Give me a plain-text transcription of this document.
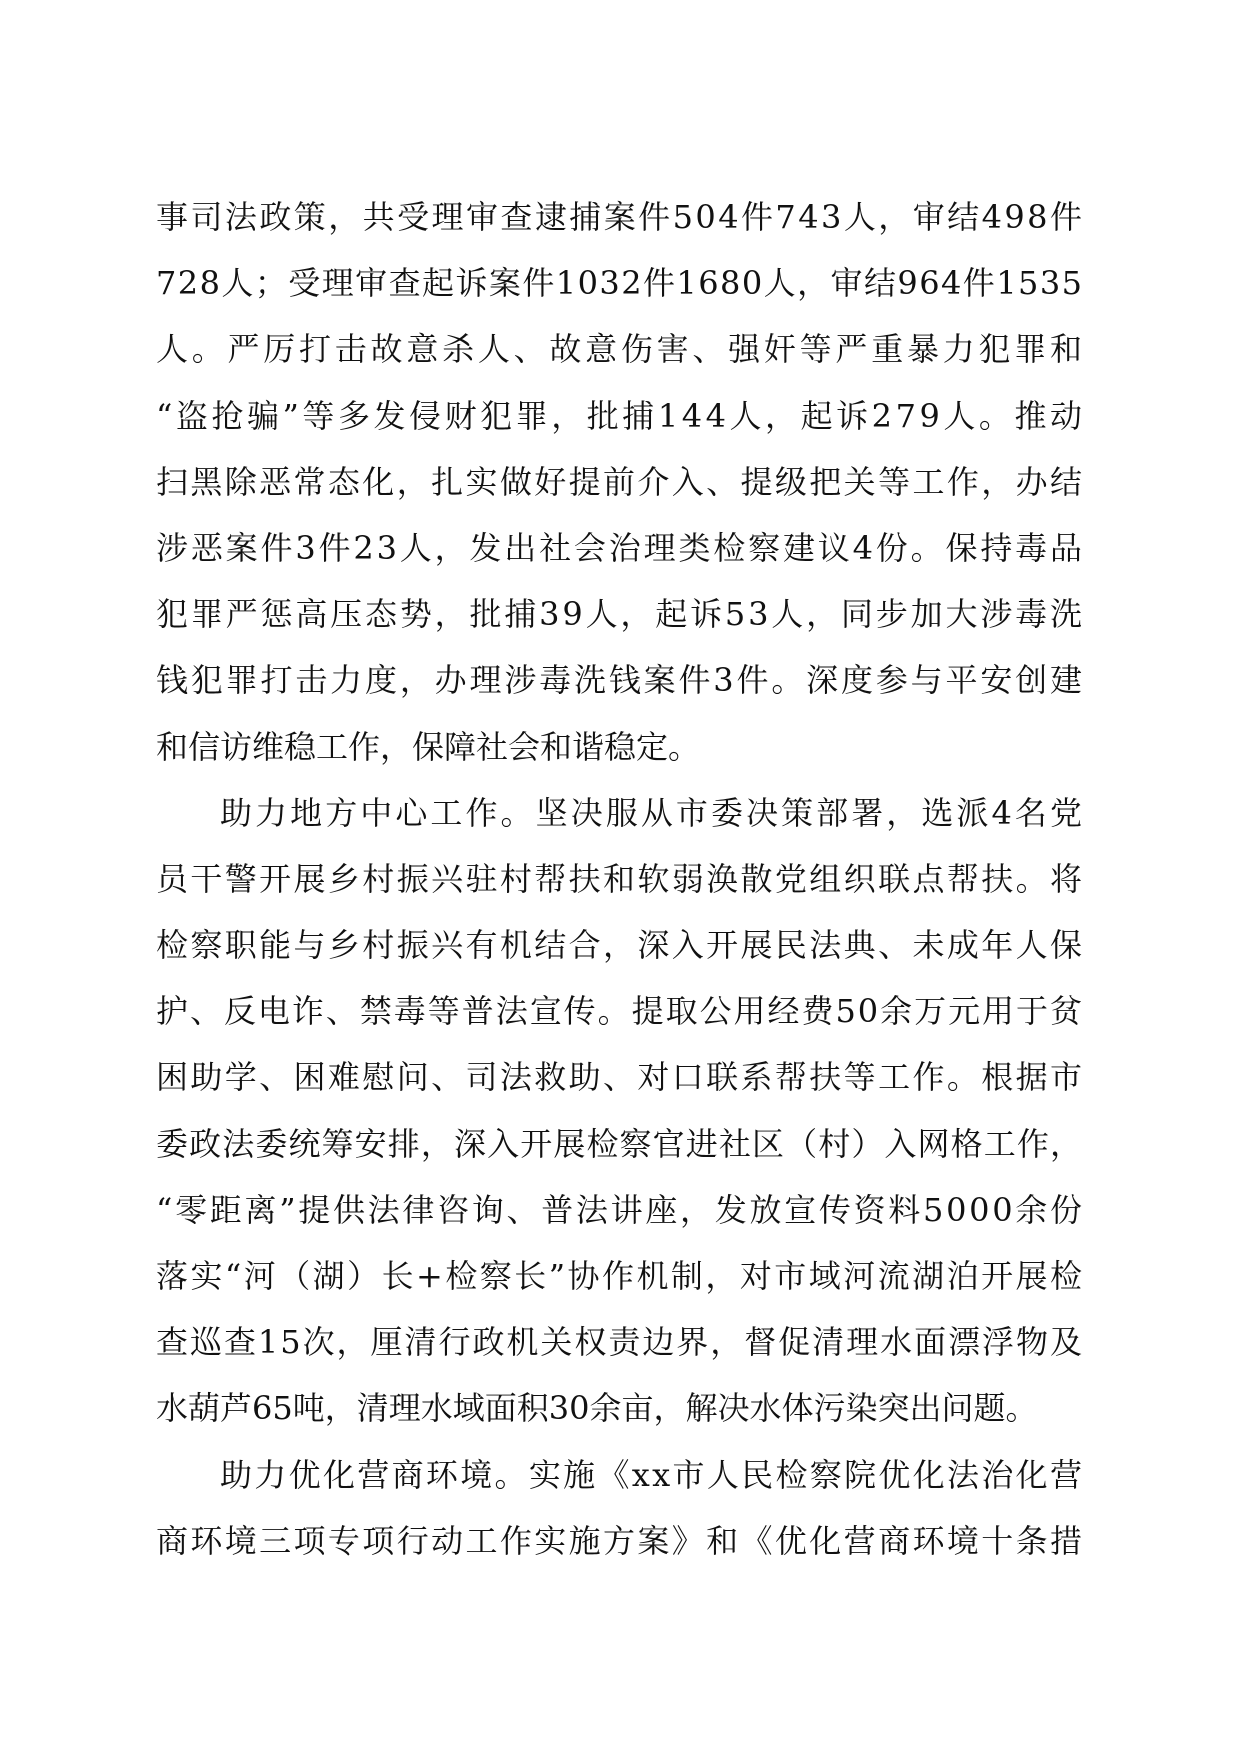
事司法政策，共受理审查逮捕案件504件743人，审结498件
728人；受理审查起诉案件1032件1680人，审结964件1535
人。严厉打击故意杀人、故意伤害、强奸等严重暴力犯罪和
“盗抢骗”等多发侵财犯罪，批捕144人，起诉279人。推动
扫黑除恶常态化，扎实做好提前介入、提级把关等工作，办结
涉恶案件3件23人，发出社会治理类检察建议4份。保持毒品
犯罪严惩高压态势，批捕39人，起诉53人，同步加大涉毒洗
钱犯罪打击力度，办理涉毒洗钱案件3件。深度参与平安创建
和信访维稳工作，保障社会和谐稳定。
助力地方中心工作。坚决服从市委决策部署，选派4名党
员干警开展乡村振兴驻村帮扶和软弱涣散党组织联点帮扶。将
检察职能与乡村振兴有机结合，深入开展民法典、未成年人保
护、反电诈、禁毒等普法宣传。提取公用经费50余万元用于贫
困助学、困难慰问、司法救助、对口联系帮扶等工作。根据市
委政法委统筹安排，深入开展检察官进社区（村）入网格工作，
“零距离”提供法律咨询、普法讲座，发放宣传资料5000余份
落实“河（湖）长+检察长”协作机制，对市域河流湖泊开展检
查巡查15次，厘清行政机关权责边界，督促清理水面漂浮物及
水葫芦65吨，清理水域面积30余亩，解决水体污染突出问题。
助力优化营商环境。实施《xx市人民检察院优化法治化营
商环境三项专项行动工作实施方案》和《优化营商环境十条措
